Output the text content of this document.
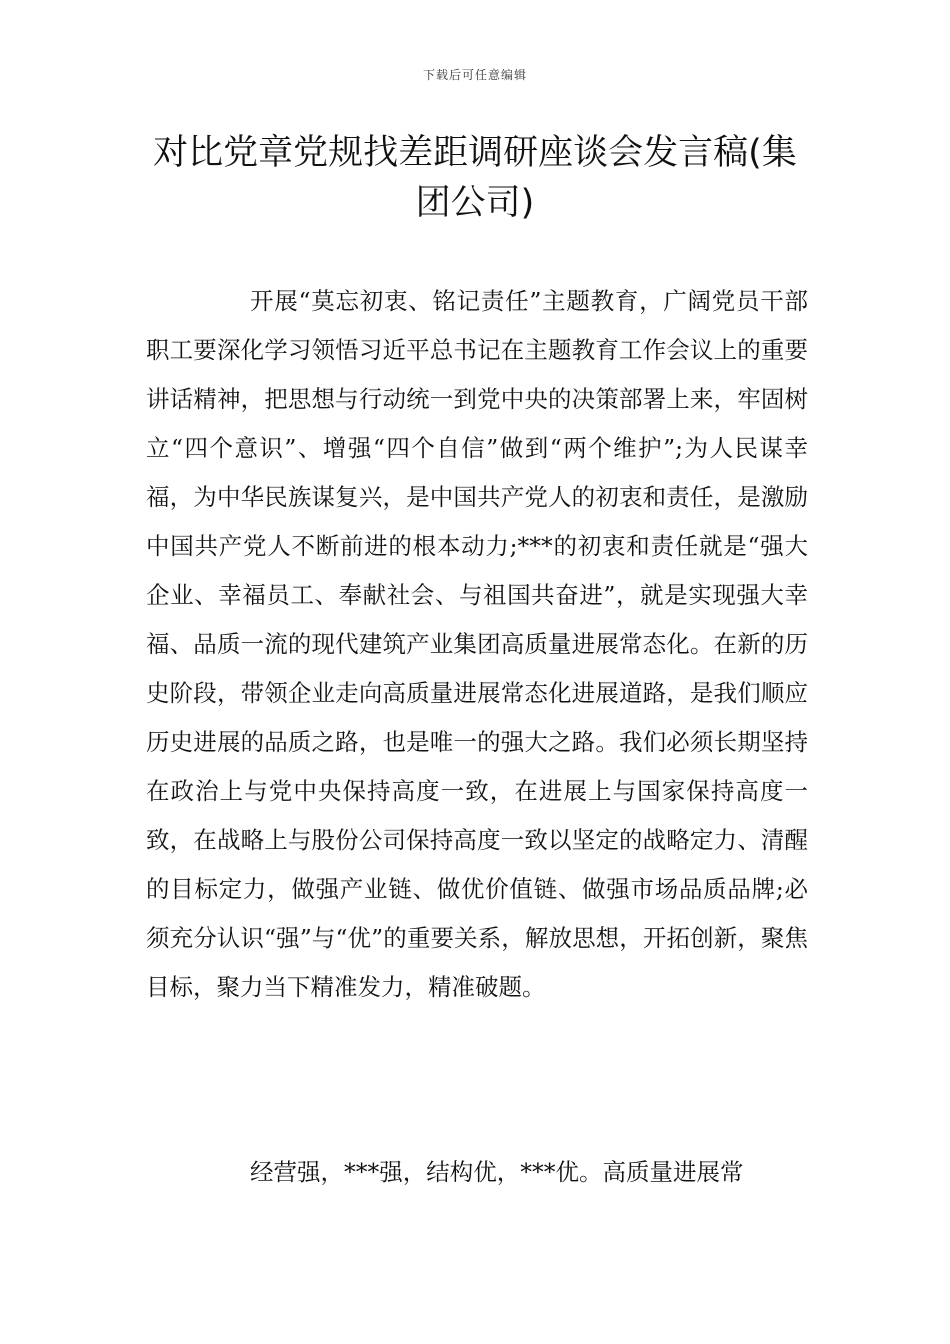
下载后可任意编辑
对比党章党规找差距调研座谈会发言稿(集团公司)

开展“莫忘初衷、铭记责任”主题教育，广阔党员干部职工要深化学习领悟习近平总书记在主题教育工作会议上的重要讲话精神，把思想与行动统一到党中央的决策部署上来，牢固树立“四个意识”、增强“四个自信”做到“两个维护”;为人民谋幸福，为中华民族谋复兴，是中国共产党人的初衷和责任，是激励中国共产党人不断前进的根本动力;***的初衷和责任就是“强大企业、幸福员工、奉献社会、与祖国共奋进”，就是实现强大幸福、品质一流的现代建筑产业集团高质量进展常态化。在新的历史阶段，带领企业走向高质量进展常态化进展道路，是我们顺应历史进展的品质之路，也是唯一的强大之路。我们必须长期坚持在政治上与党中央保持高度一致，在进展上与国家保持高度一致，在战略上与股份公司保持高度一致以坚定的战略定力、清醒的目标定力，做强产业链、做优价值链、做强市场品质品牌;必须充分认识“强”与“优”的重要关系，解放思想，开拓创新，聚焦目标，聚力当下精准发力，精准破题。

经营强，***强，结构优，***优。高质量进展常
